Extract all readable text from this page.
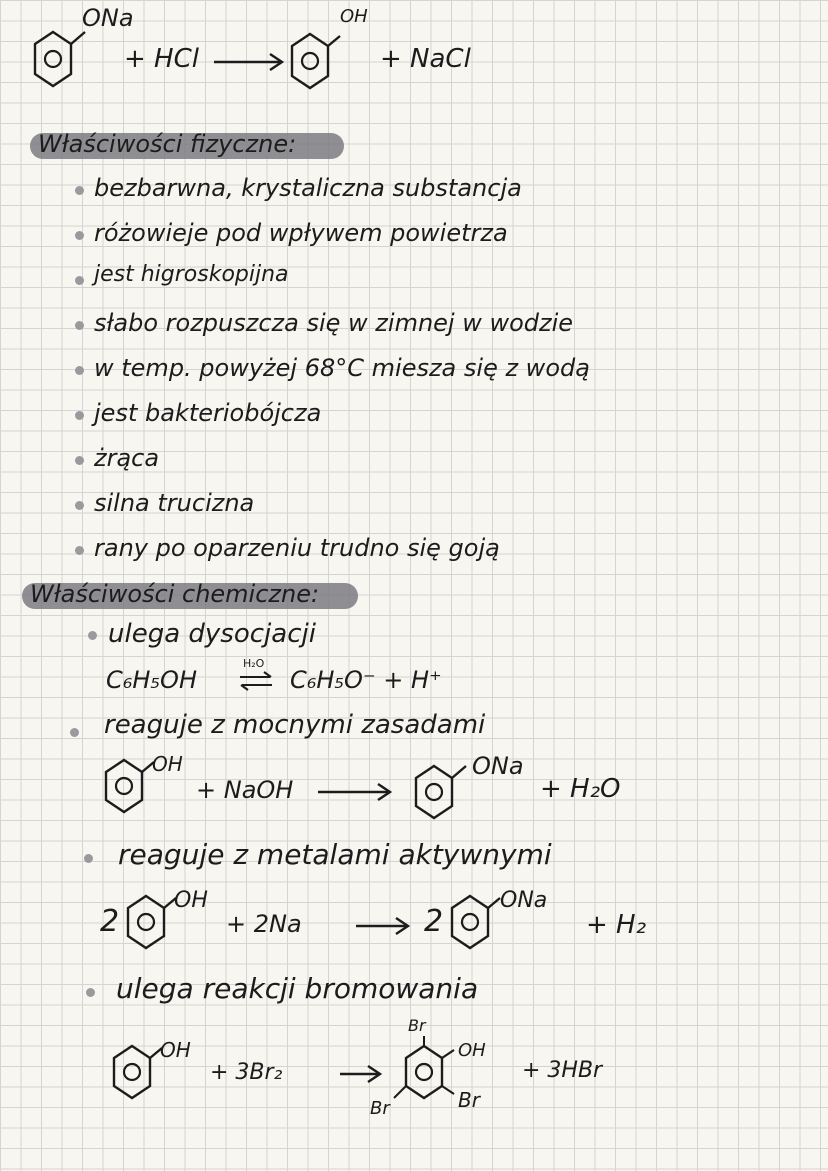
ONa
+ HCl
OH
+ NaCl
Właściwości fizyczne:
bezbarwna, krystaliczna substancja
różowieje pod wpływem powietrza
jest higroskopijna
słabo rozpuszcza się w zimnej w wodzie
w temp. powyżej 68°C miesza się z wodą
jest bakteriobójcza
żrąca
silna trucizna
rany po oparzeniu trudno się goją
Właściwości chemiczne:
ulega dysocjacji
C₆H₅OH
H₂O
⇌ C₆H₅O⁻ + H⁺
reaguje z mocnymi zasadami
OH
+ NaOH
ONa
+ H₂O
reaguje z metalami aktywnymi
2
OH
+ 2Na	→ 2
ONa
+ H₂
ulega reakcji bromowania
OH
+ 3Br₂
Br
OH
Br	Br
+ 3HBr
